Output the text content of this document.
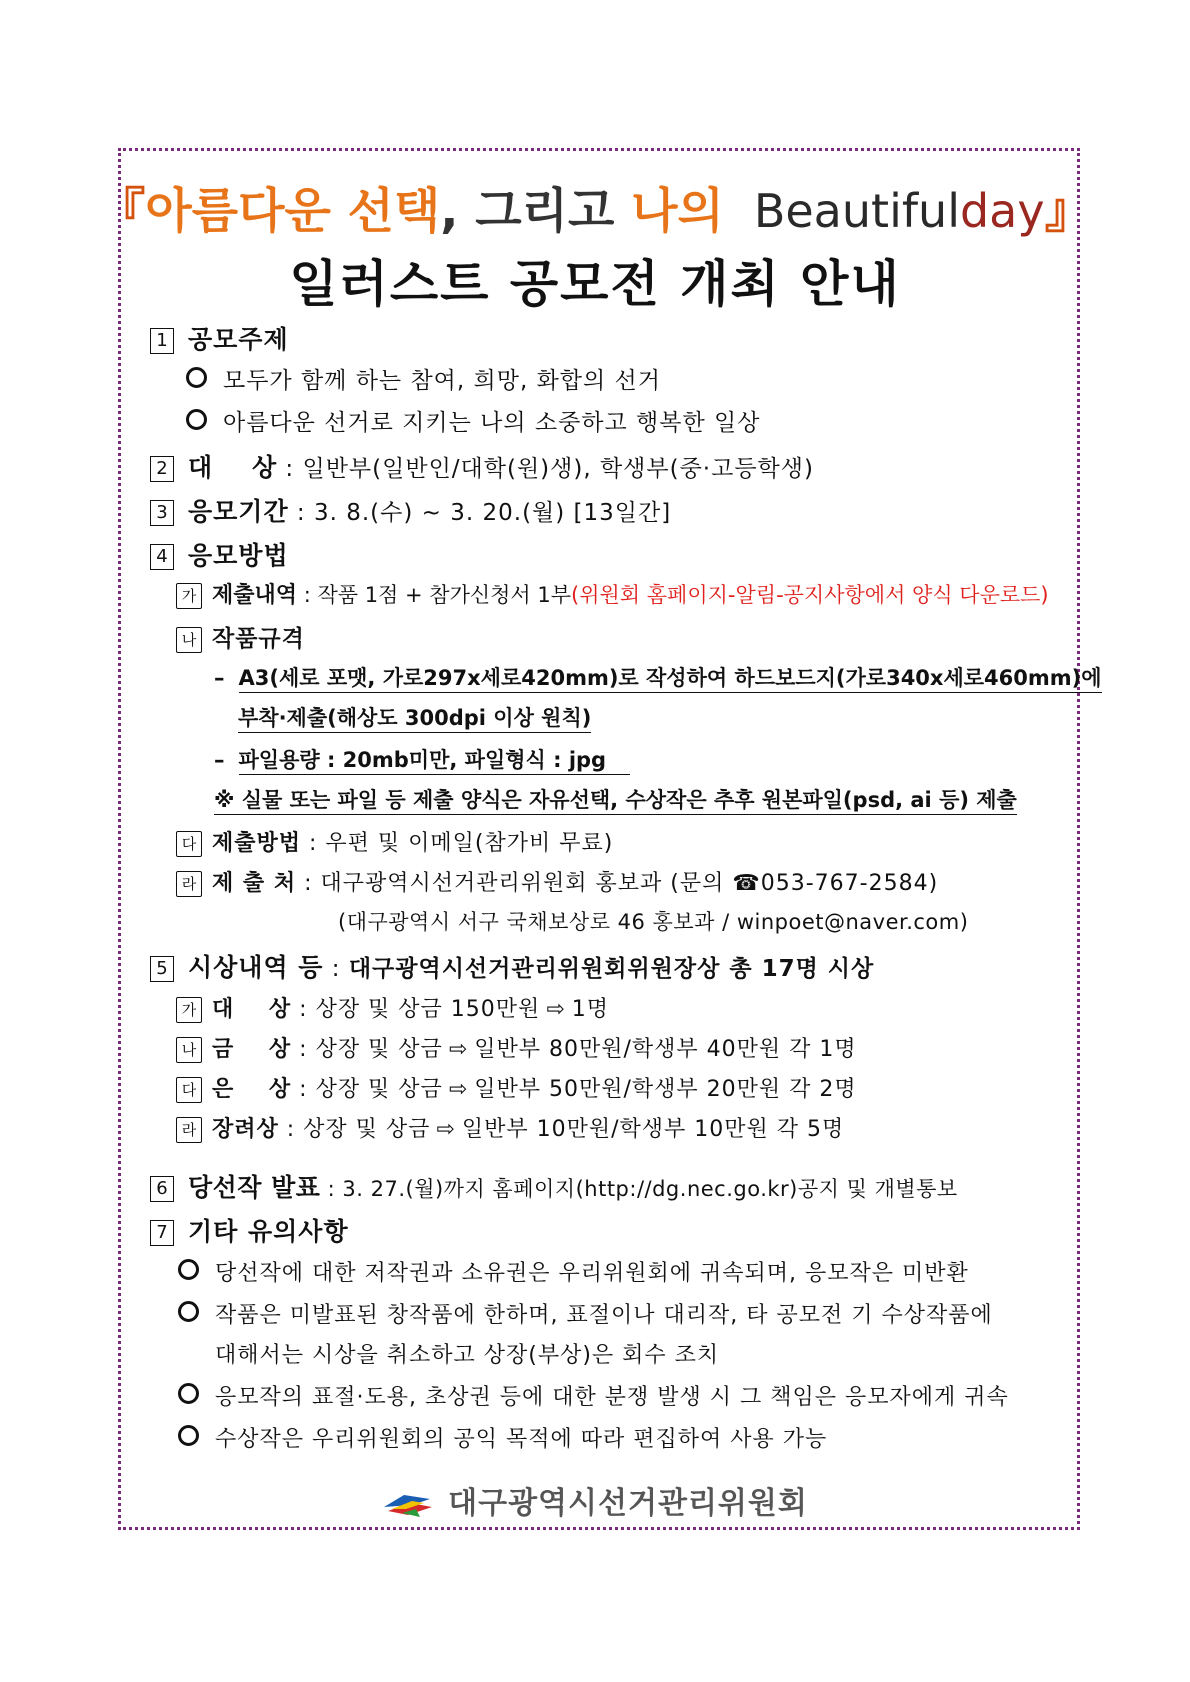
『아름다운 선택, 그리고 나의 Beautifulday』
일러스트 공모전 개최 안내
1 공모주제
모두가 함께 하는 참여, 희망, 화합의 선거
아름다운 선거로 지키는 나의 소중하고 행복한 일상
2 대    상 : 일반부(일반인/대학(원)생), 학생부(중·고등학생)
3 응모기간 : 3. 8.(수) ~ 3. 20.(월) [13일간]
4 응모방법
가 제출내역 : 작품 1점 + 참가신청서 1부(위원회 홈페이지-알림-공지사항에서 양식 다운로드)
나 작품규격
– A3(세로 포맷, 가로297x세로420mm)로 작성하여 하드보드지(가로340x세로460mm)에
부착·제출(해상도 300dpi 이상 원칙)
– 파일용량 : 20mb미만, 파일형식 : jpg
※ 실물 또는 파일 등 제출 양식은 자유선택, 수상작은 추후 원본파일(psd, ai 등) 제출
다 제출방법 : 우편 및 이메일(참가비 무료)
라 제 출 처 : 대구광역시선거관리위원회 홍보과 (문의 ☎053-767-2584)
(대구광역시 서구 국채보상로 46 홍보과 / winpoet@naver.com)
5 시상내역 등 : 대구광역시선거관리위원회위원장상 총 17명 시상
가 대    상 : 상장 및 상금 150만원 ⇨ 1명
나 금    상 : 상장 및 상금 ⇨ 일반부 80만원/학생부 40만원 각 1명
다 은    상 : 상장 및 상금 ⇨ 일반부 50만원/학생부 20만원 각 2명
라 장려상 : 상장 및 상금 ⇨ 일반부 10만원/학생부 10만원 각 5명
6 당선작 발표 : 3. 27.(월)까지 홈페이지(http://dg.nec.go.kr)공지 및 개별통보
7 기타 유의사항
당선작에 대한 저작권과 소유권은 우리위원회에 귀속되며, 응모작은 미반환
작품은 미발표된 창작품에 한하며, 표절이나 대리작, 타 공모전 기 수상작품에
대해서는 시상을 취소하고 상장(부상)은 회수 조치
응모작의 표절·도용, 초상권 등에 대한 분쟁 발생 시 그 책임은 응모자에게 귀속
수상작은 우리위원회의 공익 목적에 따라 편집하여 사용 가능
대구광역시선거관리위원회
